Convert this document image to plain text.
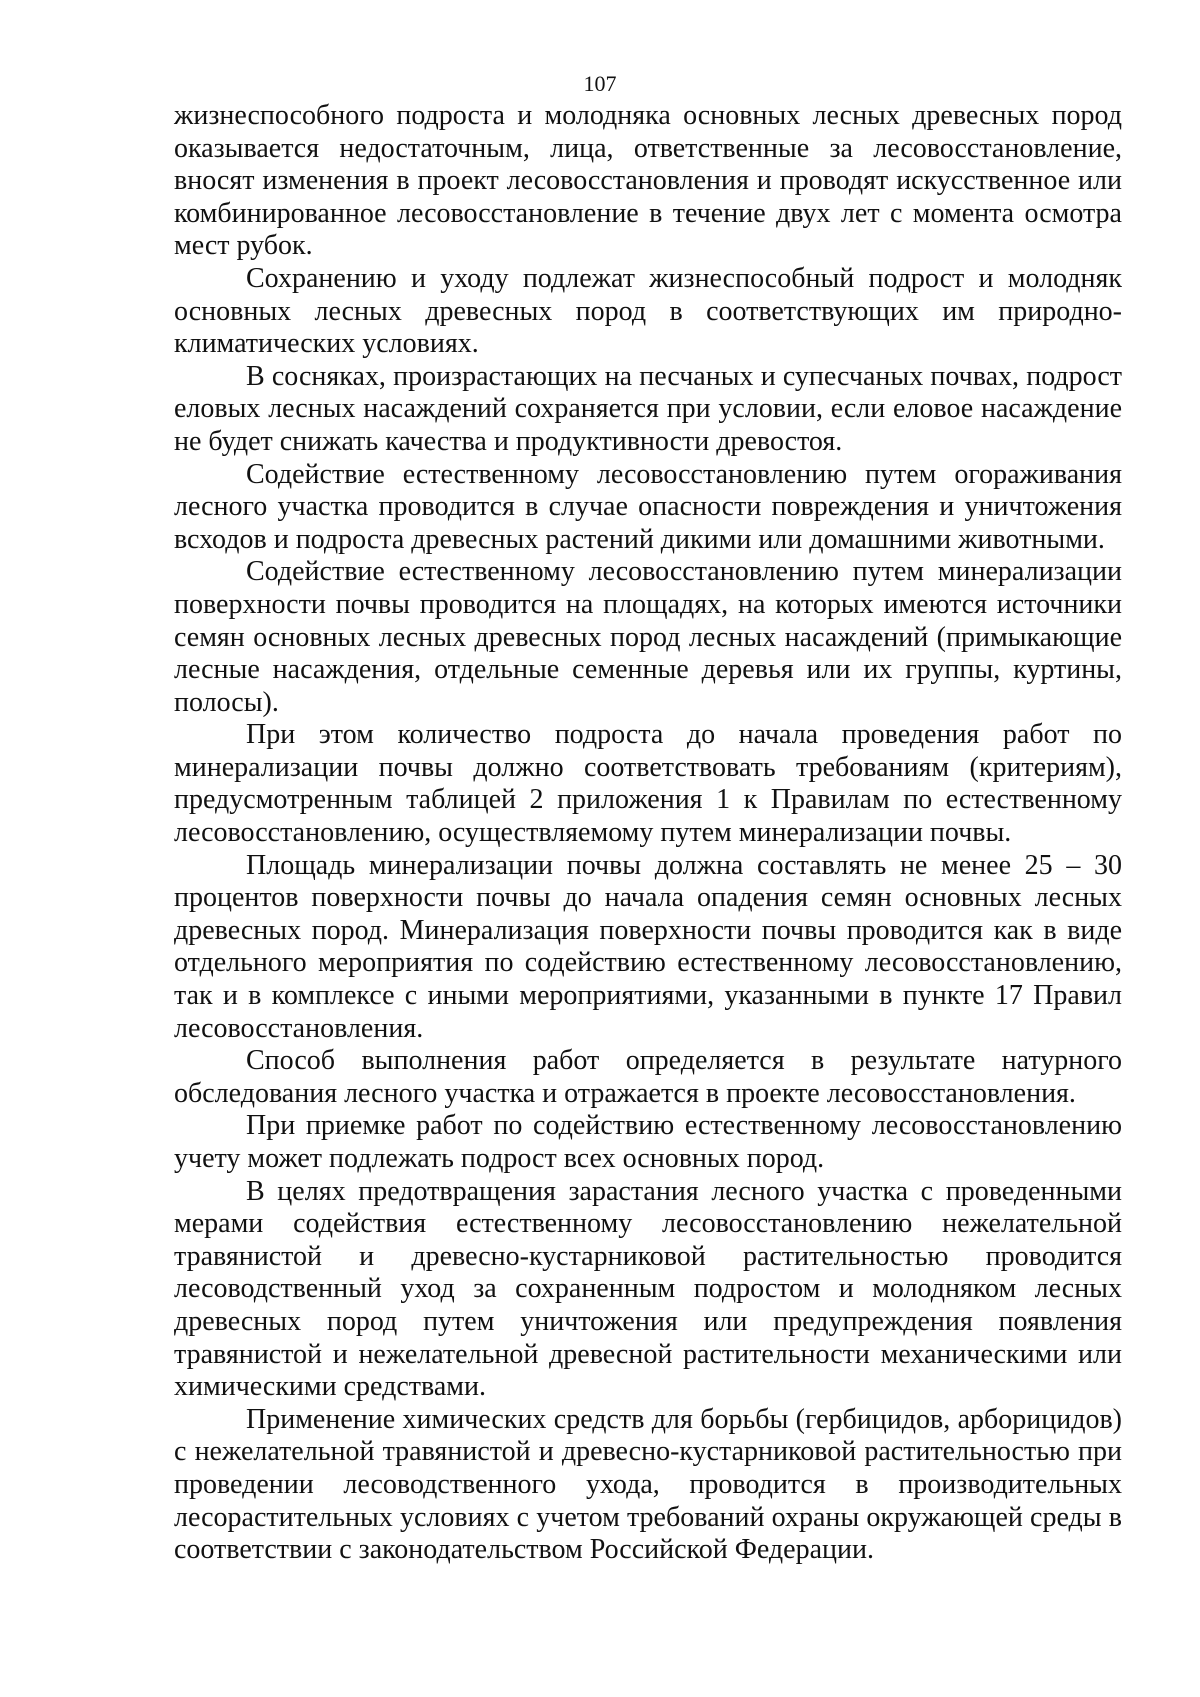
107

жизнеспособного подроста и молодняка основных лесных древесных пород оказывается недостаточным, лица, ответственные за лесовосстановление, вносят изменения в проект лесовосстановления и проводят искусственное или комбинированное лесовосстановление в течение двух лет с момента осмотра мест рубок.

Сохранению и уходу подлежат жизнеспособный подрост и молодняк основных лесных древесных пород в соответствующих им природно-климатических условиях.

В сосняках, произрастающих на песчаных и супесчаных почвах, подрост еловых лесных насаждений сохраняется при условии, если еловое насаждение не будет снижать качества и продуктивности древостоя.

Содействие естественному лесовосстановлению путем огораживания лесного участка проводится в случае опасности повреждения и уничтожения всходов и подроста древесных растений дикими или домашними животными.

Содействие естественному лесовосстановлению путем минерализации поверхности почвы проводится на площадях, на которых имеются источники семян основных лесных древесных пород лесных насаждений (примыкающие лесные насаждения, отдельные семенные деревья или их группы, куртины, полосы).

При этом количество подроста до начала проведения работ по минерализации почвы должно соответствовать требованиям (критериям), предусмотренным таблицей 2 приложения 1 к Правилам по естественному лесовосстановлению, осуществляемому путем минерализации почвы.

Площадь минерализации почвы должна составлять не менее 25 – 30 процентов поверхности почвы до начала опадения семян основных лесных древесных пород. Минерализация поверхности почвы проводится как в виде отдельного мероприятия по содействию естественному лесовосстановлению, так и в комплексе с иными мероприятиями, указанными в пункте 17 Правил лесовосстановления.

Способ выполнения работ определяется в результате натурного обследования лесного участка и отражается в проекте лесовосстановления.

При приемке работ по содействию естественному лесовосстановлению учету может подлежать подрост всех основных пород.

В целях предотвращения зарастания лесного участка с проведенными мерами содействия естественному лесовосстановлению нежелательной травянистой и древесно-кустарниковой растительностью проводится лесоводственный уход за сохраненным подростом и молодняком лесных древесных пород путем уничтожения или предупреждения появления травянистой и нежелательной древесной растительности механическими или химическими средствами.

Применение химических средств для борьбы (гербицидов, арборицидов) с нежелательной травянистой и древесно-кустарниковой растительностью при проведении лесоводственного ухода, проводится в производительных лесорастительных условиях с учетом требований охраны окружающей среды в соответствии с законодательством Российской Федерации.
